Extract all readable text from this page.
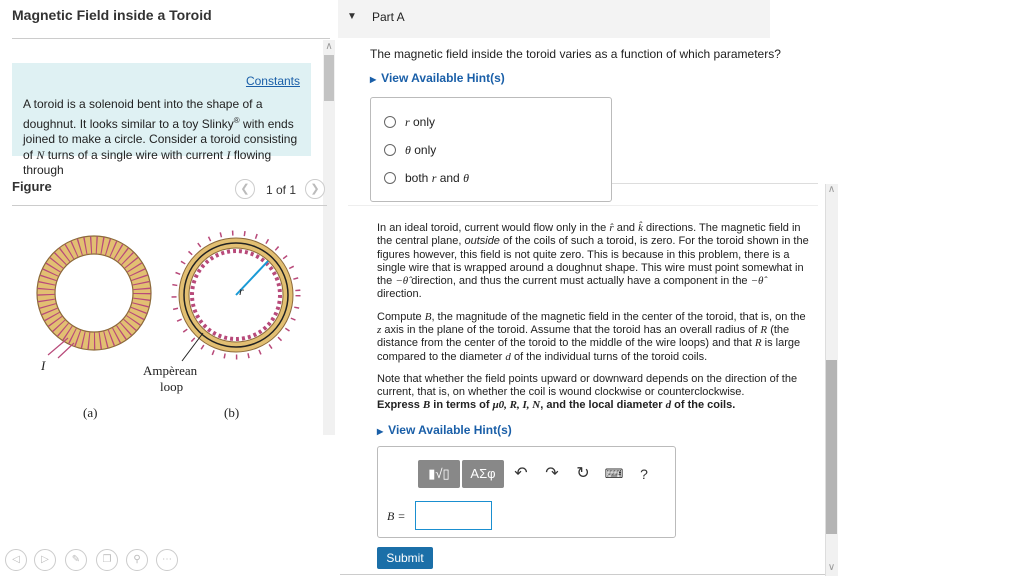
Magnetic Field inside a Toroid
Constants
A toroid is a solenoid bent into the shape of a doughnut. It looks similar to a toy Slinky® with ends joined to make a circle. Consider a toroid consisting of N turns of a single wire with current I flowing through
∧
Figure	❮	1 of 1	❯
I
r
Ampèrean
loop
(a)	(b)
◁	▷	✎	❐	⚲	⋯
▼ Part A
The magnetic field inside the toroid varies as a function of which parameters?
▶ View Available Hint(s)
r only
θ only
both r and θ

In an ideal toroid, current would flow only in the r̂ and k̂ directions. The magnetic field in the central plane, outside of the coils of such a toroid, is zero. For the toroid shown in the figures however, this field is not quite zero. This is because in this problem, there is a single wire that is wrapped around a doughnut shape. This wire must point somewhat in the −θ̂ direction, and thus the current must actually have a component in the −θ̂ direction.

Compute B, the magnitude of the magnetic field in the center of the toroid, that is, on the z axis in the plane of the toroid. Assume that the toroid has an overall radius of R (the distance from the center of the toroid to the middle of the wire loops) and that R is large compared to the diameter d of the individual turns of the toroid coils.

Note that whether the field points upward or downward depends on the direction of the current, that is, on whether the coil is wound clockwise or counterclockwise.

Express B in terms of μ0, R, I, N, and the local diameter d of the coils.
▶ View Available Hint(s)
▮√▯	ΑΣφ	↶ ↷ ↻	⌨	?
B =
Submit
∧
∨
